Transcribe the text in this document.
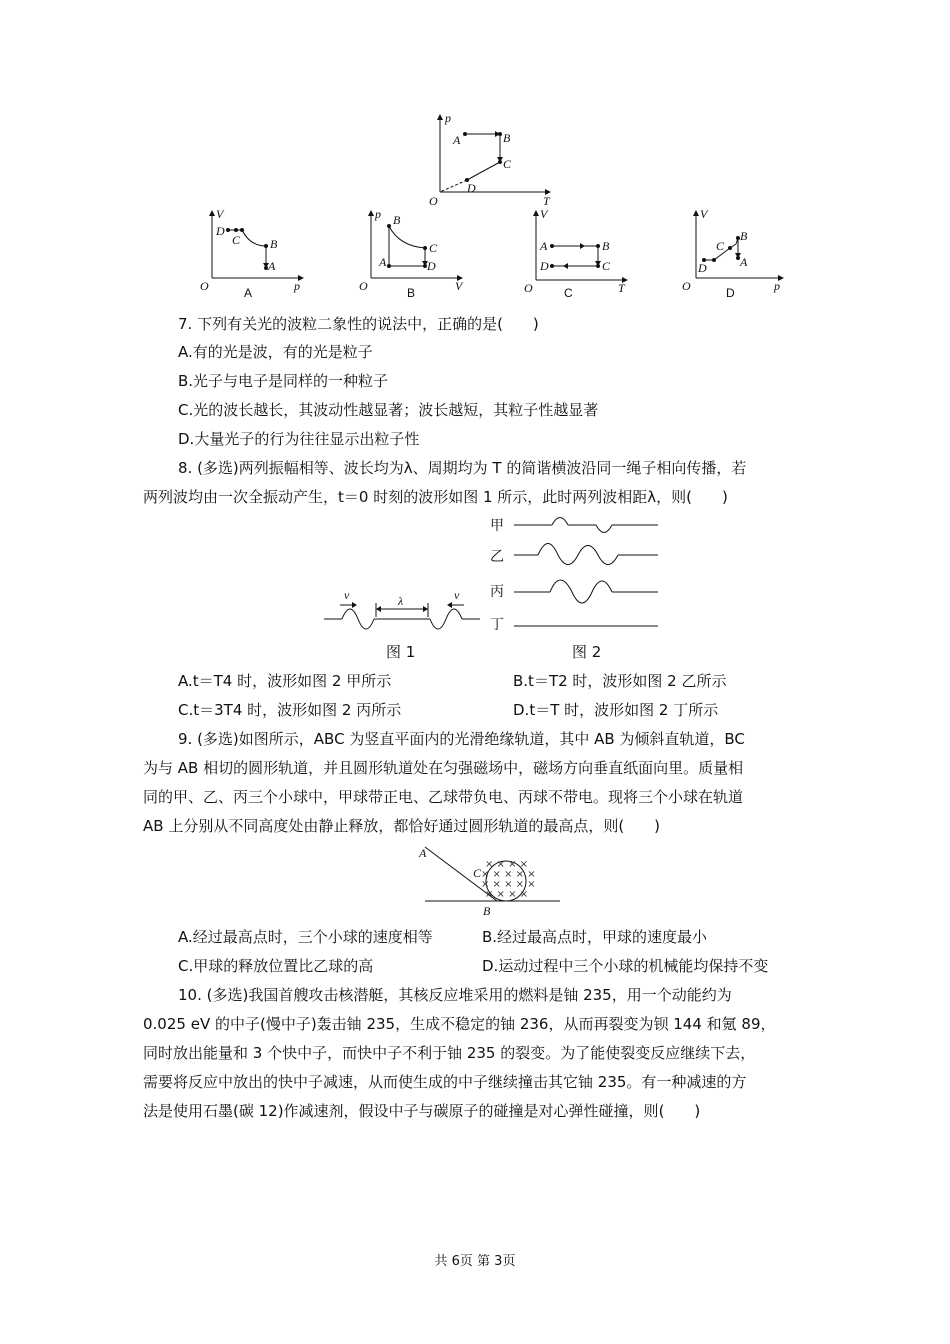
p
T
O
A	B
C
D
V
p
O
D
C B
A
A
p
V
O
B
C
A	D
B
V
T
O
A	B
D	C
C
V
p
O
B
C
D	A
D
7. 下列有关光的波粒二象性的说法中，正确的是(　　)
A.有的光是波，有的光是粒子
B.光子与电子是同样的一种粒子
C.光的波长越长，其波动性越显著；波长越短，其粒子性越显著
D.大量光子的行为往往显示出粒子性
8. (多选)两列振幅相等、波长均为λ、周期均为 T 的简谐横波沿同一绳子相向传播，若
两列波均由一次全振动产生，t＝0 时刻的波形如图 1 所示，此时两列波相距λ，则(　　)
v	v
λ
图 1
甲
乙
丙
丁
图 2
A.t＝T4 时，波形如图 2 甲所示	B.t＝T2 时，波形如图 2 乙所示
C.t＝3T4 时，波形如图 2 丙所示	D.t＝T 时，波形如图 2 丁所示
9. (多选)如图所示，ABC 为竖直平面内的光滑绝缘轨道，其中 AB 为倾斜直轨道，BC
为与 AB 相切的圆形轨道，并且圆形轨道处在匀强磁场中，磁场方向垂直纸面向里。质量相
同的甲、乙、丙三个小球中，甲球带正电、乙球带负电、丙球不带电。现将三个小球在轨道
AB 上分别从不同高度处由静止释放，都恰好通过圆形轨道的最高点，则(　　)
× × × ×
× × × × ×
× × × × ×
× × × ×
A
B
C
A.经过最高点时，三个小球的速度相等	B.经过最高点时，甲球的速度最小
C.甲球的释放位置比乙球的高	D.运动过程中三个小球的机械能均保持不变
10. (多选)我国首艘攻击核潜艇，其核反应堆采用的燃料是铀 235，用一个动能约为
0.025 eV 的中子(慢中子)轰击铀 235，生成不稳定的铀 236，从而再裂变为钡 144 和氪 89，
同时放出能量和 3 个快中子，而快中子不利于铀 235 的裂变。为了能使裂变反应继续下去，
需要将反应中放出的快中子减速，从而使生成的中子继续撞击其它铀 235。有一种减速的方
法是使用石墨(碳 12)作减速剂，假设中子与碳原子的碰撞是对心弹性碰撞，则(　　)
共 6页 第 3页
